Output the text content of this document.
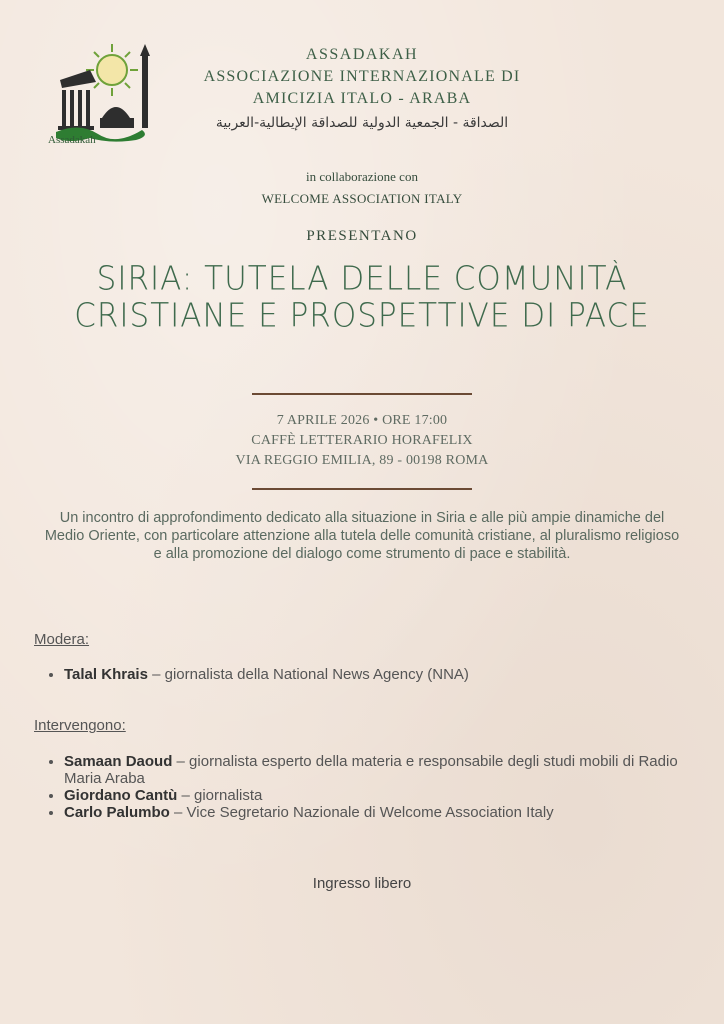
Assadakah
ASSADAKAH
ASSOCIAZIONE INTERNAZIONALE DI AMICIZIA ITALO - ARABA
الصداقة - الجمعية الدولية للصداقة الإيطالية-العربية
in collaborazione con
WELCOME ASSOCIATION ITALY
PRESENTANO
SIRIA: TUTELA DELLE COMUNITÀ CRISTIANE E PROSPETTIVE DI PACE
7 APRILE 2026 • ORE 17:00
CAFFÈ LETTERARIO HORAFELIX
VIA REGGIO EMILIA, 89 - 00198 ROMA
Un incontro di approfondimento dedicato alla situazione in Siria e alle più ampie dinamiche del Medio Oriente, con particolare attenzione alla tutela delle comunità cristiane, al pluralismo religioso e alla promozione del dialogo come strumento di pace e stabilità.
Modera:
• Talal Khrais – giornalista della National News Agency (NNA)
Intervengono:
• Samaan Daoud – giornalista esperto della materia e responsabile degli studi mobili di Radio Maria Araba
• Giordano Cantù – giornalista
• Carlo Palumbo – Vice Segretario Nazionale di Welcome Association Italy
Ingresso libero
